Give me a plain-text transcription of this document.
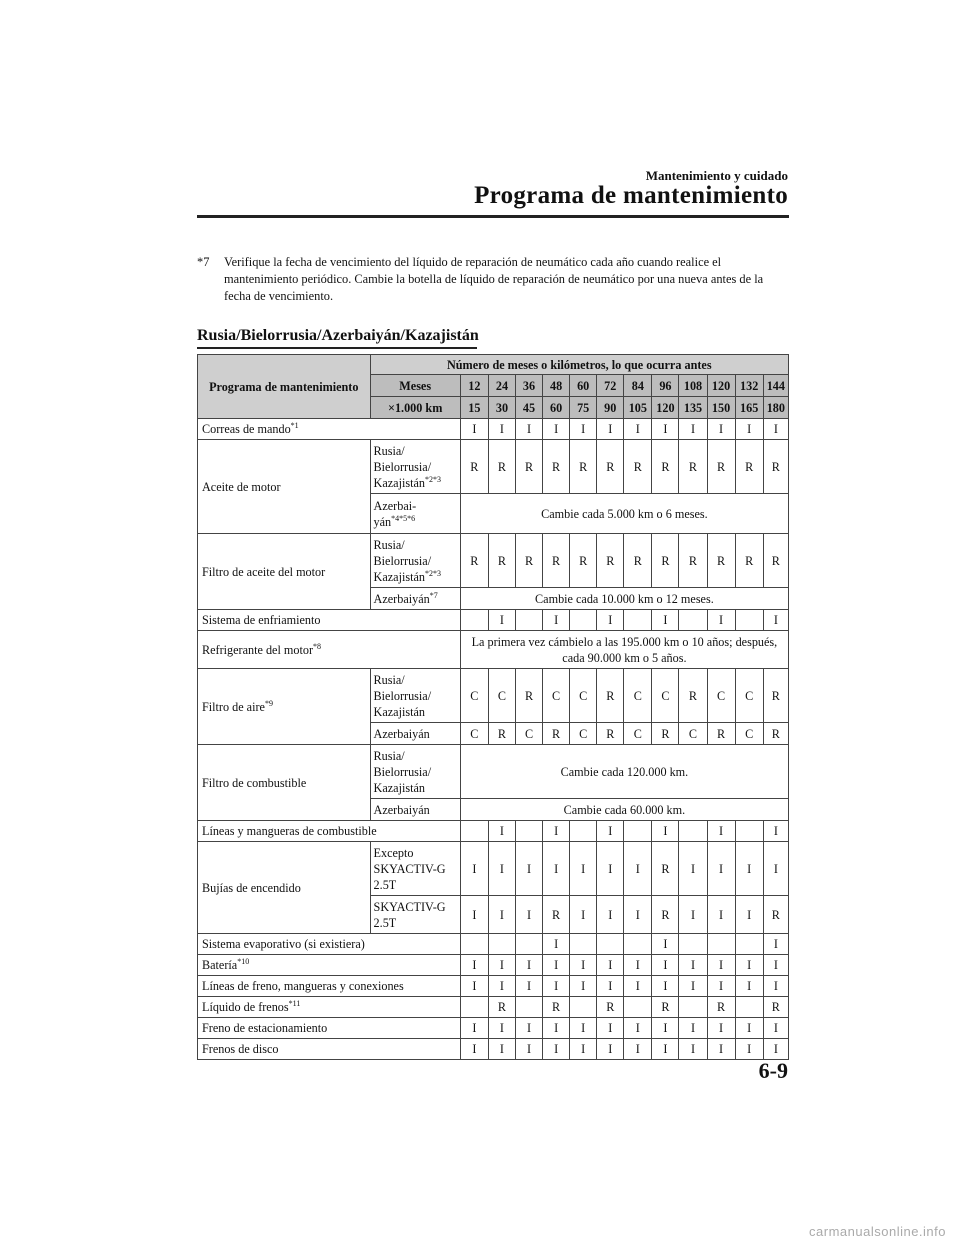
Mantenimiento y cuidado
Programa de mantenimiento
*7	Verifique la fecha de vencimiento del líquido de reparación de neumático cada año cuando realice el mantenimiento periódico. Cambie la botella de líquido de reparación de neumático por una nueva antes de la fecha de vencimiento.
Rusia/Bielorrusia/Azerbaiyán/Kazajistán
Programa de mantenimiento	Número de meses o kilómetros, lo que ocurra antes												
	Meses	12	24	36	48	60	72	84	96	108	120	132	144
	×1.000 km	15	30	45	60	75	90	105	120	135	150	165	180
Correas de mando$^{*1}$		I	I	I	I	I	I	I	I	I	I	I	I
Aceite de motor	Rusia/
Bielorrusia/
Kazajistán$^{*2*3}$	R	R	R	R	R	R	R	R	R	R	R	R
	Azerbai-
yán$^{*4*5*6}$	Cambie cada 5.000 km o 6 meses.											
Filtro de aceite del motor	Rusia/
Bielorrusia/
Kazajistán$^{*2*3}$	R	R	R	R	R	R	R	R	R	R	R	R
	Azerbaiyán$^{*7}$	Cambie cada 10.000 km o 12 meses.											
Sistema de enfriamiento			I		I		I		I		I		I
Refrigerante del motor$^{*8}$		La primera vez cámbielo a las 195.000 km o 10 años; después,
cada 90.000 km o 5 años.											
Filtro de aire$^{*9}$	Rusia/
Bielorrusia/
Kazajistán	C	C	R	C	C	R	C	C	R	C	C	R
	Azerbaiyán	C	R	C	R	C	R	C	R	C	R	C	R
Filtro de combustible	Rusia/
Bielorrusia/
Kazajistán	Cambie cada 120.000 km.											
	Azerbaiyán	Cambie cada 60.000 km.											
Líneas y mangueras de combustible			I		I		I		I		I		I
Bujías de encendido	Excepto
SKYACTIV-G
2.5T	I	I	I	I	I	I	I	R	I	I	I	I
	SKYACTIV-G
2.5T	I	I	I	R	I	I	I	R	I	I	I	R
Sistema evaporativo (si existiera)					I				I				I
Batería$^{*10}$		I	I	I	I	I	I	I	I	I	I	I	I
Líneas de freno, mangueras y conexiones		I	I	I	I	I	I	I	I	I	I	I	I
Líquido de frenos$^{*11}$			R		R		R		R		R		R
Freno de estacionamiento		I	I	I	I	I	I	I	I	I	I	I	I
Frenos de disco		I	I	I	I	I	I	I	I	I	I	I	I
6-9
carmanualsonline.info
